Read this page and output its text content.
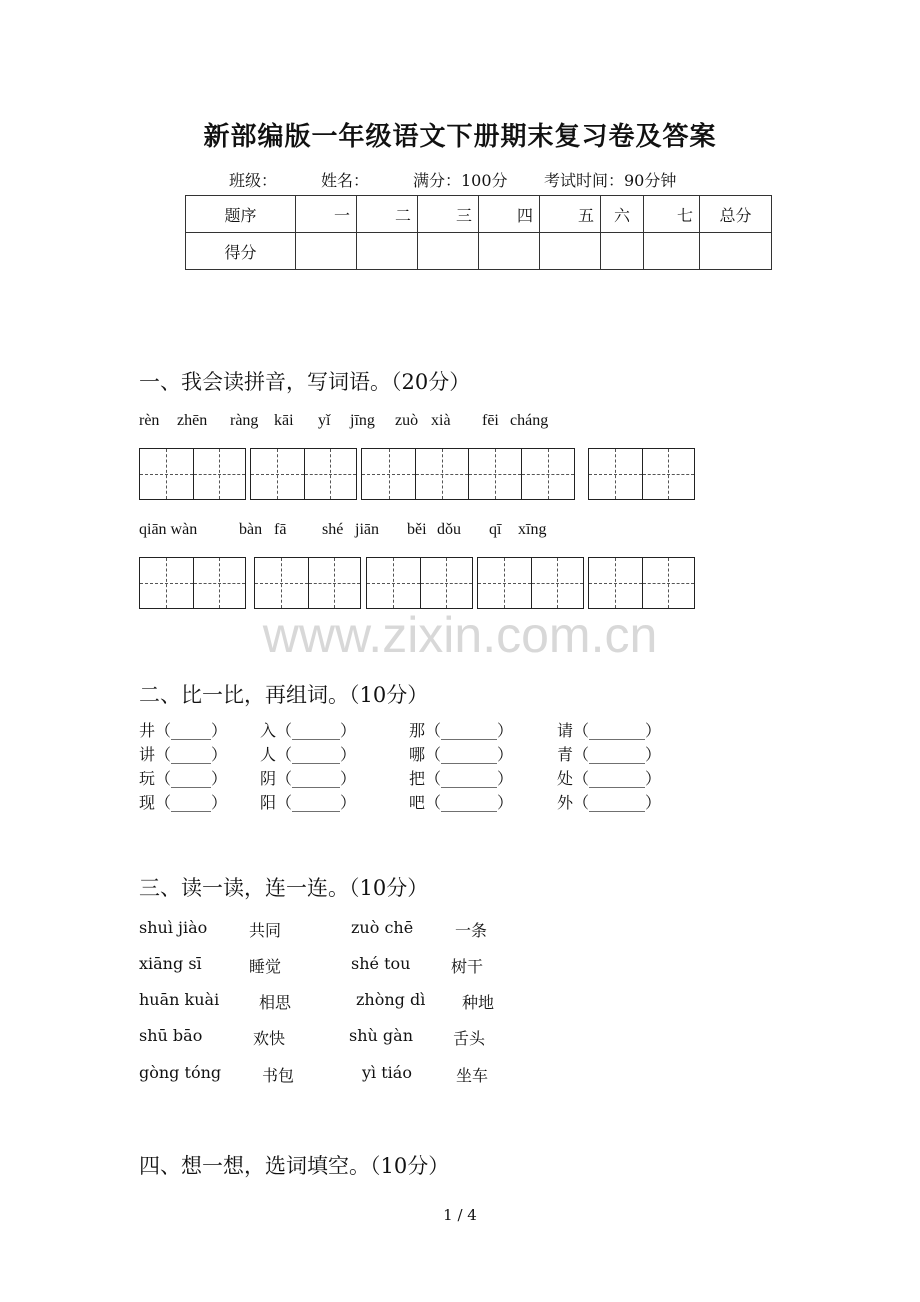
新部编版一年级语文下册期末复习卷及答案
班级：	姓名：	满分：100分 考试时间：90分钟
题序	一	二	三	四	五	六	七	总分
得分								
一、我会读拼音，写词语。（20分）
rèn zhēn ràng kāi yǐ jīng zuò xià fēi cháng
qiān wàn	bàn fā shé jiān běi dǒu qī xīng
www.zixin.com.cn
二、比一比，再组词。（10分）
井（_____） 入（______）	那（_______）	请（_______）
讲（_____） 人（______）	哪（_______）	青（_______）
玩（_____） 阴（______）	把（_______）	处（_______）
现（_____） 阳（______）	吧（_______）	外（_______）
三、读一读，连一连。（10分）
shuì jiào	共同	zuò chē	一条
xiāng sī	睡觉	shé tou	树干
huān kuài 相思	zhòng dì 种地
shū bāo	欢快	shù gàn	舌头
gòng tóng	书包	yì tiáo	坐车
四、想一想，选词填空。（10分）
1 / 4
